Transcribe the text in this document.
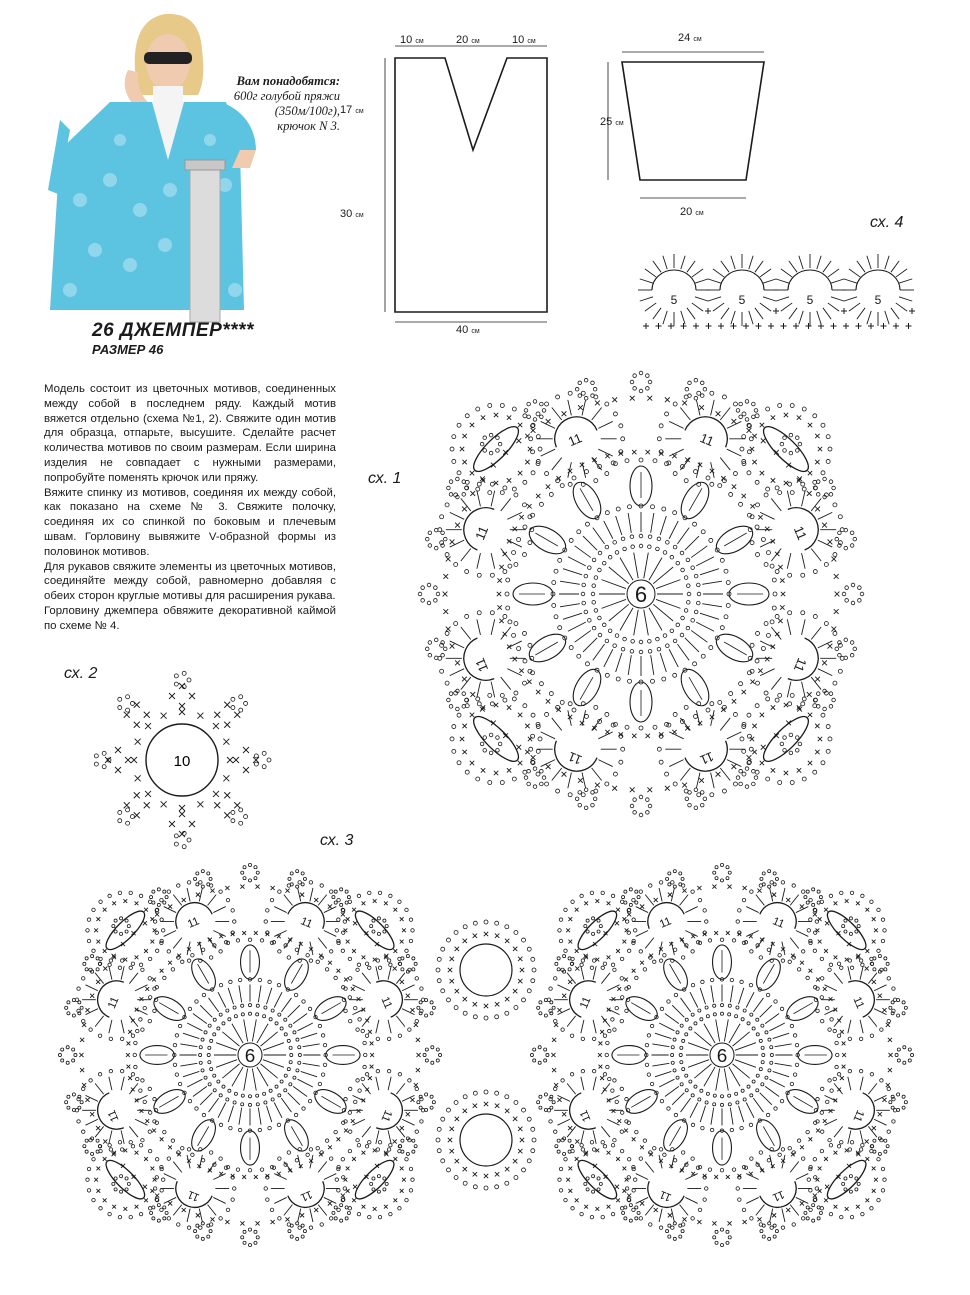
Вам понадобятся:
600г голубой пряжи
(350м/100г),
крючок N 3.
26 ДЖЕМПЕР****
РАЗМЕР 46

Модель состоит из цветочных мотивов, соединенных между собой в последнем ряду. Каждый мотив вяжется отдельно (схема №1, 2). Свяжите один мотив для образца, отпарьте, высушите. Сделайте расчет количества мотивов по своим размерам. Если ширина изделия не совпадает с нужными размерами, попробуйте поменять крючок или пряжу.

Вяжите спинку из мотивов, соединяя их между собой, как показано на схеме № 3. Свяжите полочку, соединяя их со спинкой по боковым и плечевым швам. Горловину вывяжите V-образной формы из половинок мотивов.

Для рукавов свяжите элементы из цветочных мотивов, соединяйте между собой, равномерно добавляя с обеих сторон круглые мотивы для расширения рукава.

Горловину джемпера обвяжите декоративной каймой по схеме № 4.

10 см	20 см	10 см
17 см
30 см
40 см
24 см
25 см
20 см
сх. 4
сх. 1
сх. 2
сх. 3
5	5	5	5
10
6
11
11
11
11
11
11	11
11
6
11
11
11
11
11
11	11
11
6
11
11
11
11
11
11	11
11
